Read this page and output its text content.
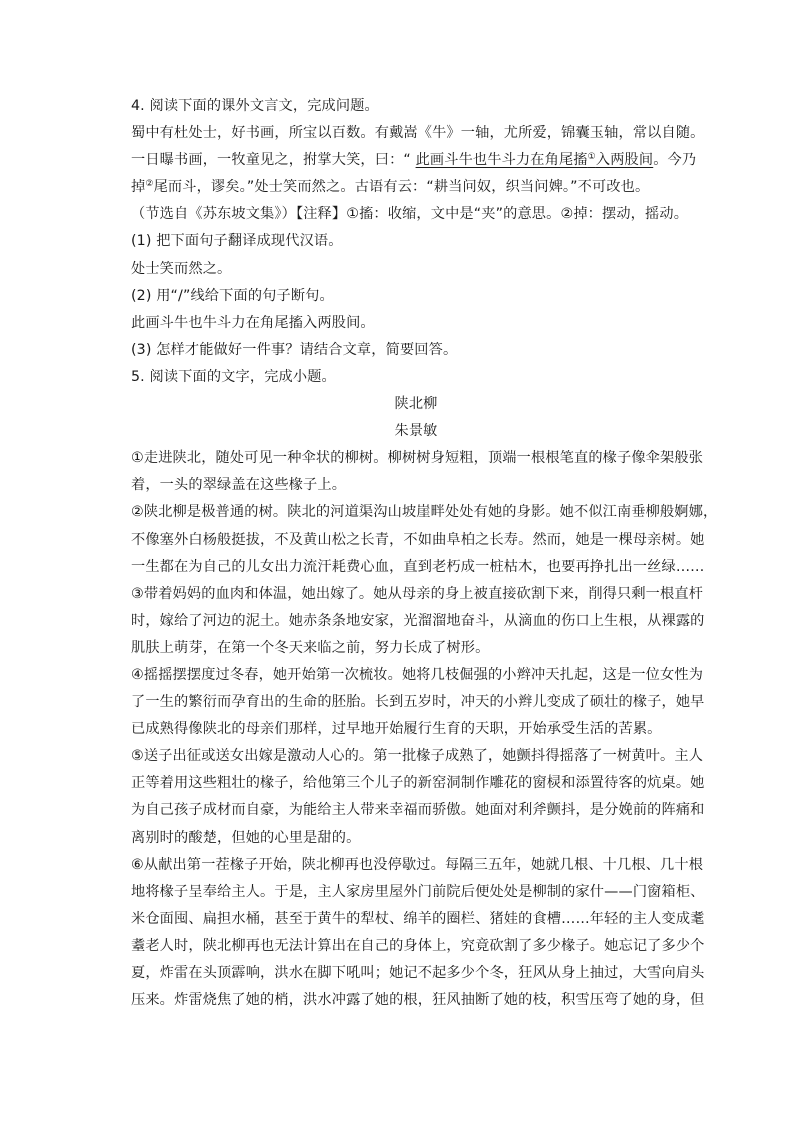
4. 阅读下面的课外文言文，完成问题。
蜀中有杜处士，好书画，所宝以百数。有戴嵩《牛》一轴，尤所爱，锦囊玉轴，常以自随。
一日曝书画，一牧童见之，拊掌大笑，曰：“ 此画斗牛也牛斗力在角尾搐①入两股间。今乃
掉②尾而斗，谬矣。”处士笑而然之。古语有云：“耕当问奴，织当问婢。”不可改也。
（节选自《苏东坡文集》）【注释】①搐：收缩，文中是“夹”的意思。②掉：摆动，摇动。
(1) 把下面句子翻译成现代汉语。
处士笑而然之。
(2) 用“/”线给下面的句子断句。
此画斗牛也牛斗力在角尾搐入两股间。
(3) 怎样才能做好一件事？请结合文章，简要回答。
5. 阅读下面的文字，完成小题。
陕北柳
朱景敏
①走进陕北，随处可见一种伞状的柳树。柳树树身短粗，顶端一根根笔直的椽子像伞架般张
着，一头的翠绿盖在这些椽子上。
②陕北柳是极普通的树。陕北的河道渠沟山坡崖畔处处有她的身影。她不似江南垂柳般婀娜，
不像塞外白杨般挺拔，不及黄山松之长青，不如曲阜柏之长寿。然而，她是一棵母亲树。她
一生都在为自己的儿女出力流汗耗费心血，直到老朽成一桩枯木，也要再挣扎出一丝绿……
③带着妈妈的血肉和体温，她出嫁了。她从母亲的身上被直接砍割下来，削得只剩一根直杆
时，嫁给了河边的泥土。她赤条条地安家，光溜溜地奋斗，从滴血的伤口上生根，从裸露的
肌肤上萌芽，在第一个冬天来临之前，努力长成了树形。
④摇摇摆摆度过冬春，她开始第一次梳妆。她将几枝倔强的小辫冲天扎起，这是一位女性为
了一生的繁衍而孕育出的生命的胚胎。长到五岁时，冲天的小辫儿变成了硕壮的椽子，她早
已成熟得像陕北的母亲们那样，过早地开始履行生育的天职，开始承受生活的苦累。
⑤送子出征或送女出嫁是激动人心的。第一批椽子成熟了，她颤抖得摇落了一树黄叶。主人
正等着用这些粗壮的椽子，给他第三个儿子的新窑洞制作雕花的窗棂和添置待客的炕桌。她
为自己孩子成材而自豪，为能给主人带来幸福而骄傲。她面对利斧颤抖，是分娩前的阵痛和
离别时的酸楚，但她的心里是甜的。
⑥从献出第一茬椽子开始，陕北柳再也没停歇过。每隔三五年，她就几根、十几根、几十根
地将椽子呈奉给主人。于是，主人家房里屋外门前院后便处处是柳制的家什——门窗箱柜、
米仓面囤、扁担水桶，甚至于黄牛的犁杖、绵羊的圈栏、猪娃的食槽……年轻的主人变成耄
耋老人时，陕北柳再也无法计算出在自己的身体上，究竟砍割了多少椽子。她忘记了多少个
夏，炸雷在头顶霹响，洪水在脚下吼叫；她记不起多少个冬，狂风从身上抽过，大雪向肩头
压来。炸雷烧焦了她的梢，洪水冲露了她的根，狂风抽断了她的枝，积雪压弯了她的身，但
